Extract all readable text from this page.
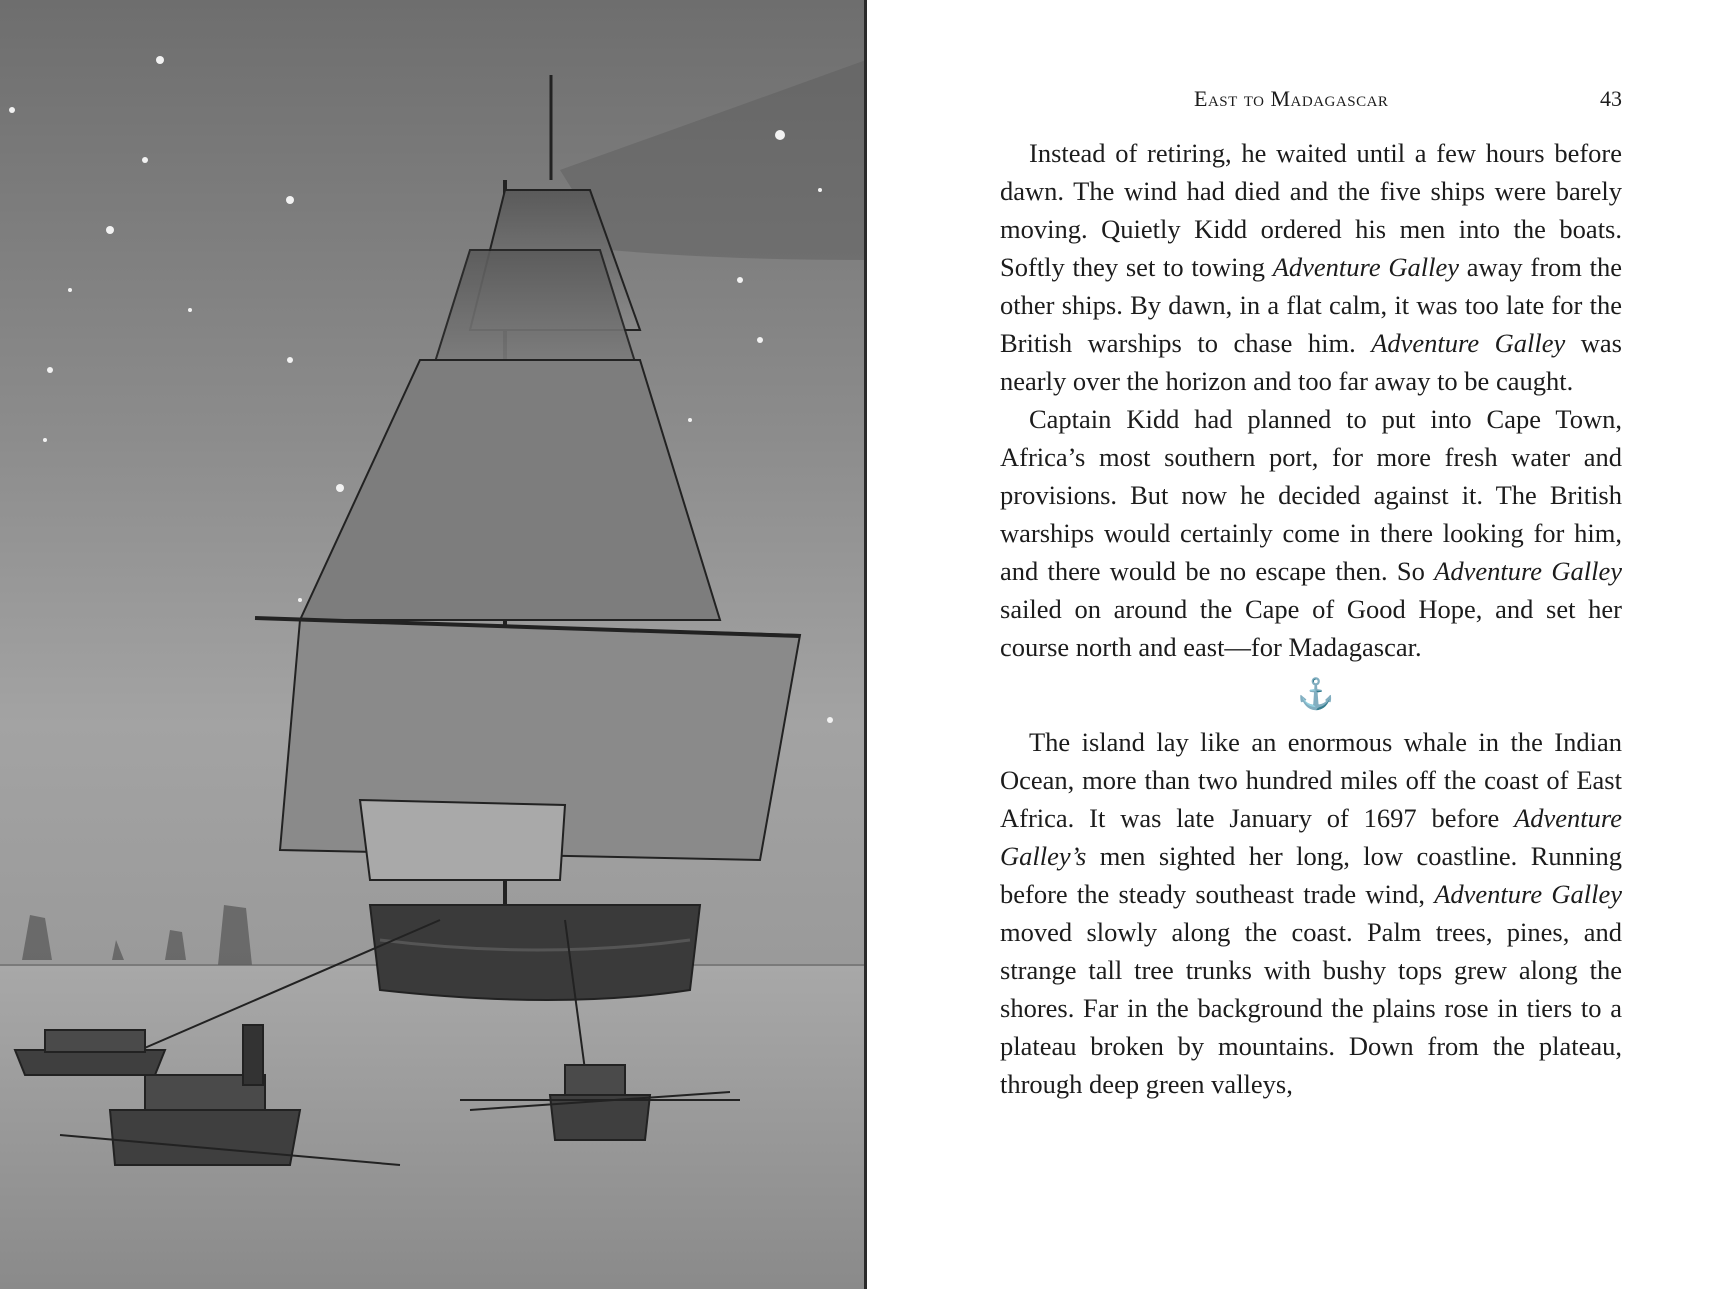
East to Madagascar	43

Instead of retiring, he waited until a few hours before dawn. The wind had died and the five ships were barely moving. Quietly Kidd ordered his men into the boats. Softly they set to towing Adventure Galley away from the other ships. By dawn, in a flat calm, it was too late for the British warships to chase him. Adventure Galley was nearly over the horizon and too far away to be caught.

Captain Kidd had planned to put into Cape Town, Africa’s most southern port, for more fresh water and provisions. But now he decided against it. The British warships would certainly come in there looking for him, and there would be no escape then. So Adventure Galley sailed on around the Cape of Good Hope, and set her course north and east—for Madagascar.

⚓

The island lay like an enormous whale in the Indian Ocean, more than two hundred miles off the coast of East Africa. It was late January of 1697 before Adventure Galley’s men sighted her long, low coastline. Running before the steady southeast trade wind, Adventure Galley moved slowly along the coast. Palm trees, pines, and strange tall tree trunks with bushy tops grew along the shores. Far in the background the plains rose in tiers to a plateau broken by mountains. Down from the plateau, through deep green valleys,
